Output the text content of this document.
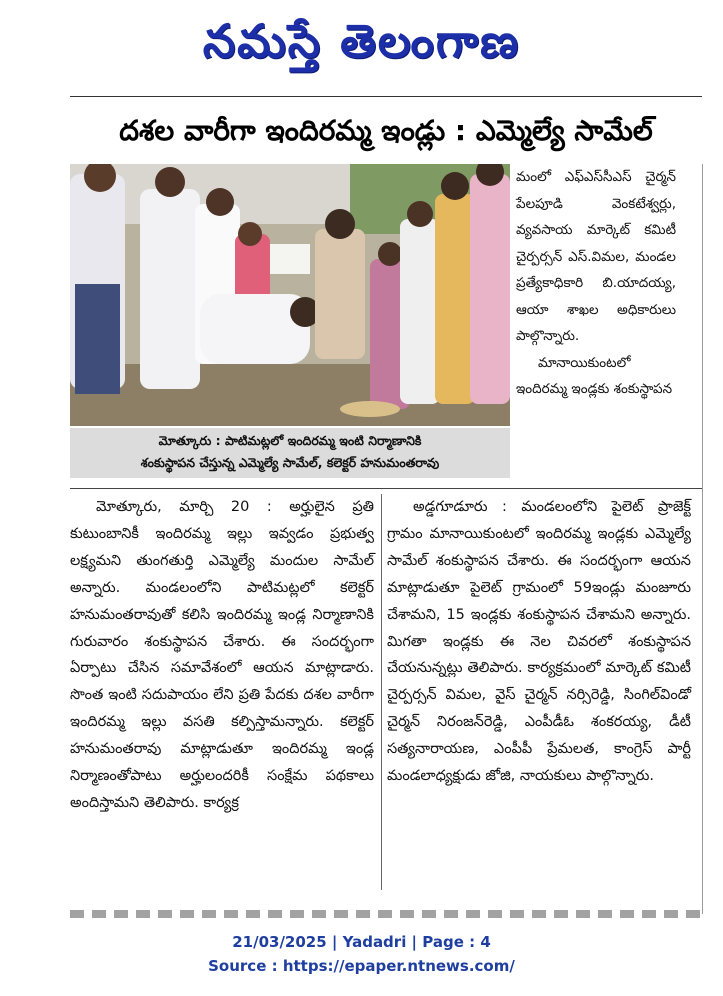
నమస్తే తెలంగాణ
దశల వారీగా ఇందిరమ్మ ఇండ్లు : ఎమ్మెల్యే సామేల్
మోత్కూరు : పాటిమట్లలో ఇందిరమ్మ ఇంటి నిర్మాణానికి
శంకుస్థాపన చేస్తున్న ఎమ్మెల్యే సామేల్, కలెక్టర్ హనుమంతరావు

మంలో ఎఫ్ఎస్‌సీఎస్ చైర్మన్ పేలపూడి వెంకటేశ్వర్లు, వ్యవసాయ మార్కెట్ కమిటీ చైర్పర్సన్ ఎస్.విమల, మండల ప్రత్యేకాధికారి బి.యాదయ్య, ఆయా శాఖల అధికారులు పాల్గొన్నారు.

మానాయికుంటలో ఇందిరమ్మ ఇండ్లకు శంకుస్థాపన

మోత్కూరు, మార్చి 20 : అర్హులైన ప్రతి కుటుంబానికీ ఇందిరమ్మ ఇల్లు ఇవ్వడం ప్రభుత్వ లక్ష్యమని తుంగతుర్తి ఎమ్మెల్యే మందుల సామేల్ అన్నారు. మండలంలోని పాటిమట్లలో కలెక్టర్ హనుమంతరావుతో కలిసి ఇందిరమ్మ ఇండ్ల నిర్మాణానికి గురువారం శంకుస్థాపన చేశారు. ఈ సందర్భంగా ఏర్పాటు చేసిన సమావేశంలో ఆయన మాట్లాడారు. సొంత ఇంటి సదుపాయం లేని ప్రతి పేదకు దశల వారీగా ఇందిరమ్మ ఇల్లు వసతి కల్పిస్తామన్నారు. కలెక్టర్ హనుమంతరావు మాట్లాడుతూ ఇందిరమ్మ ఇండ్ల నిర్మాణంతోపాటు అర్హులందరికీ సంక్షేమ పథకాలు అందిస్తామని తెలిపారు. కార్యక్ర

అడ్డగూడూరు : మండలంలోని పైలెట్ ప్రాజెక్ట్ గ్రామం మానాయికుంటలో ఇందిరమ్మ ఇండ్లకు ఎమ్మెల్యే సామేల్ శంకుస్థాపన చేశారు. ఈ సందర్భంగా ఆయన మాట్లాడుతూ పైలెట్ గ్రామంలో 59ఇండ్లు మంజూరు చేశామని, 15 ఇండ్లకు శంకుస్థాపన చేశామని అన్నారు. మిగతా ఇండ్లకు ఈ నెల చివరలో శంకుస్థాపన చేయనున్నట్లు తెలిపారు. కార్యక్రమంలో మార్కెట్ కమిటీ చైర్పర్సన్ విమల, వైస్ చైర్మన్ నర్సిరెడ్డి, సింగిల్‌విండో చైర్మన్ నిరంజన్‌రెడ్డి, ఎంపీడీఓ శంకరయ్య, డీటీ సత్యనారాయణ, ఎంపీపీ ప్రేమలత, కాంగ్రెస్ పార్టీ మండలాధ్యక్షుడు జోజి, నాయకులు పాల్గొన్నారు.

21/03/2025 | Yadadri | Page : 4
Source : https://epaper.ntnews.com/
